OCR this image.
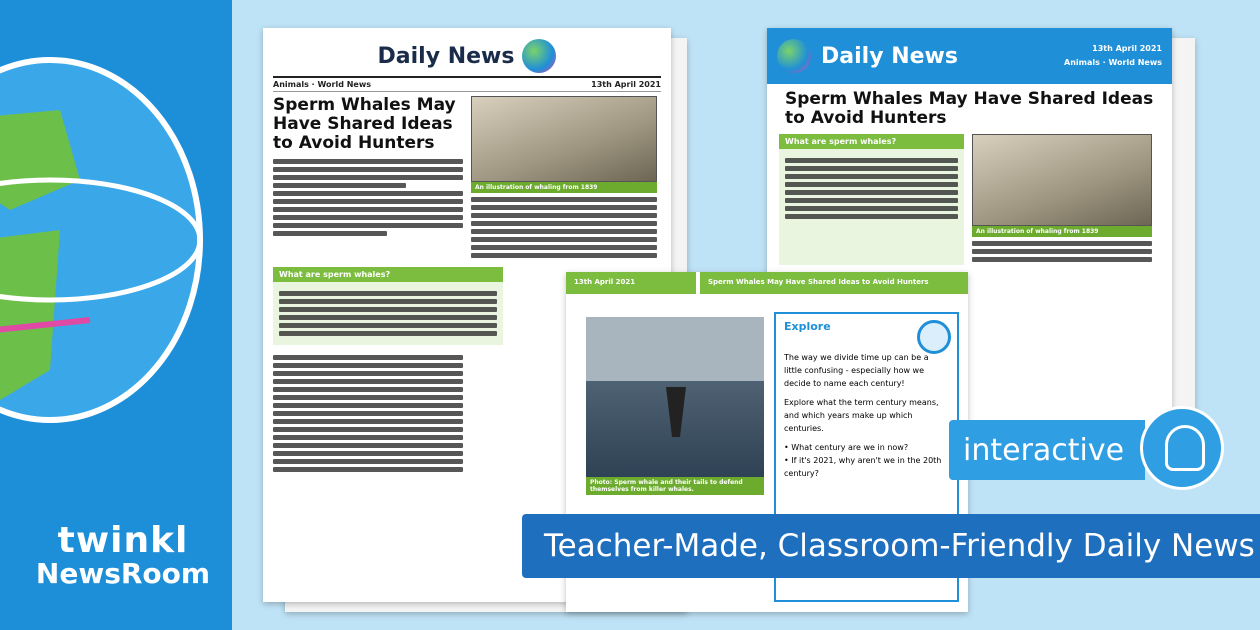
twinkl
NewsRoom
Daily News
Animals · World News	13th April 2021
Sperm Whales May Have Shared Ideas to Avoid Hunters
An illustration of whaling from 1839
What are sperm whales?
Daily News	13th April 2021
Animals · World News
Sperm Whales May Have Shared Ideas to Avoid Hunters
What are sperm whales?
An illustration of whaling from 1839
13th April 2021	Sperm Whales May Have Shared Ideas to Avoid Hunters
Photo: Sperm whale and their tails to defend themselves from killer whales.
Explore
The way we divide time up can be a little confusing - especially how we decide to name each century!
Explore what the term century means, and which years make up which centuries.
• What century are we in now?
• If it's 2021, why aren't we in the 20th century?
interactive
Teacher-Made, Classroom-Friendly Daily News
